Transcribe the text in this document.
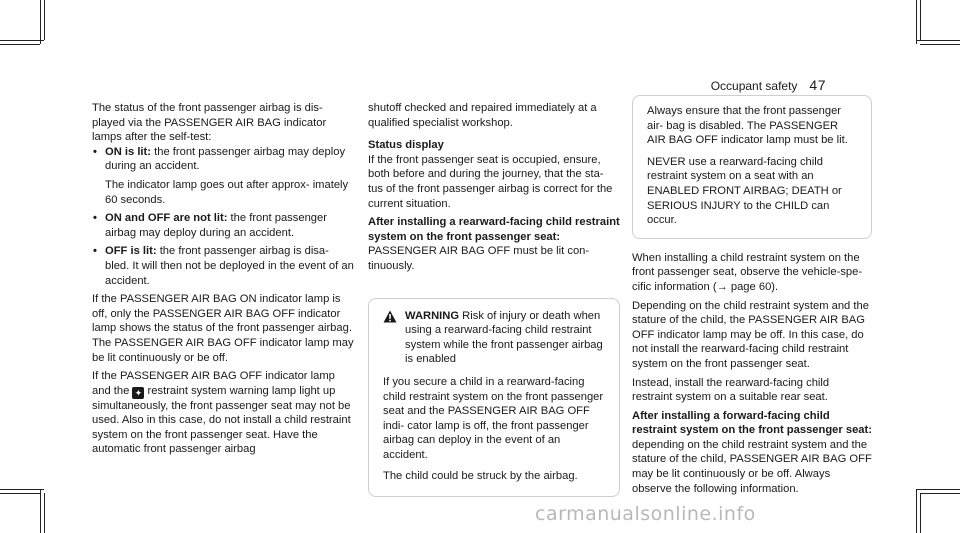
Occupant safety 47

The status of the front passenger airbag is dis- played via the PASSENGER AIR BAG indicator lamps after the self-test:

• ON is lit: the front passenger airbag may deploy during an accident.

The indicator lamp goes out after approx- imately 60 seconds.

• ON and OFF are not lit: the front passenger airbag may deploy during an accident.
• OFF is lit: the front passenger airbag is disa- bled. It will then not be deployed in the event of an accident.

If the PASSENGER AIR BAG ON indicator lamp is off, only the PASSENGER AIR BAG OFF indicator lamp shows the status of the front passenger airbag. The PASSENGER AIR BAG OFF indicator lamp may be lit continuously or be off.

If the PASSENGER AIR BAG OFF indicator lamp and the ✦ restraint system warning lamp light up simultaneously, the front passenger seat may not be used. Also in this case, do not install a child restraint system on the front passenger seat. Have the automatic front passenger airbag

shutoff checked and repaired immediately at a qualified specialist workshop.

Status display

If the front passenger seat is occupied, ensure, both before and during the journey, that the sta- tus of the front passenger airbag is correct for the current situation.

After installing a rearward-facing child restraint system on the front passenger seat: PASSENGER AIR BAG OFF must be lit con- tinuously.

WARNING Risk of injury or death when using a rearward-facing child restraint system while the front passenger airbag is enabled

If you secure a child in a rearward-facing child restraint system on the front passenger seat and the PASSENGER AIR BAG OFF indi- cator lamp is off, the front passenger airbag can deploy in the event of an accident.

The child could be struck by the airbag.

Always ensure that the front passenger air- bag is disabled. The PASSENGER AIR BAG OFF indicator lamp must be lit.

NEVER use a rearward-facing child restraint system on a seat with an ENABLED FRONT AIRBAG; DEATH or SERIOUS INJURY to the CHILD can occur.

When installing a child restraint system on the front passenger seat, observe the vehicle-spe- cific information (→ page 60).

Depending on the child restraint system and the stature of the child, the PASSENGER AIR BAG OFF indicator lamp may be off. In this case, do not install the rearward-facing child restraint system on the front passenger seat.

Instead, install the rearward-facing child restraint system on a suitable rear seat.

After installing a forward-facing child restraint system on the front passenger seat: depending on the child restraint system and the stature of the child, PASSENGER AIR BAG OFF may be lit continuously or be off. Always observe the following information.

carmanualsonline.info
